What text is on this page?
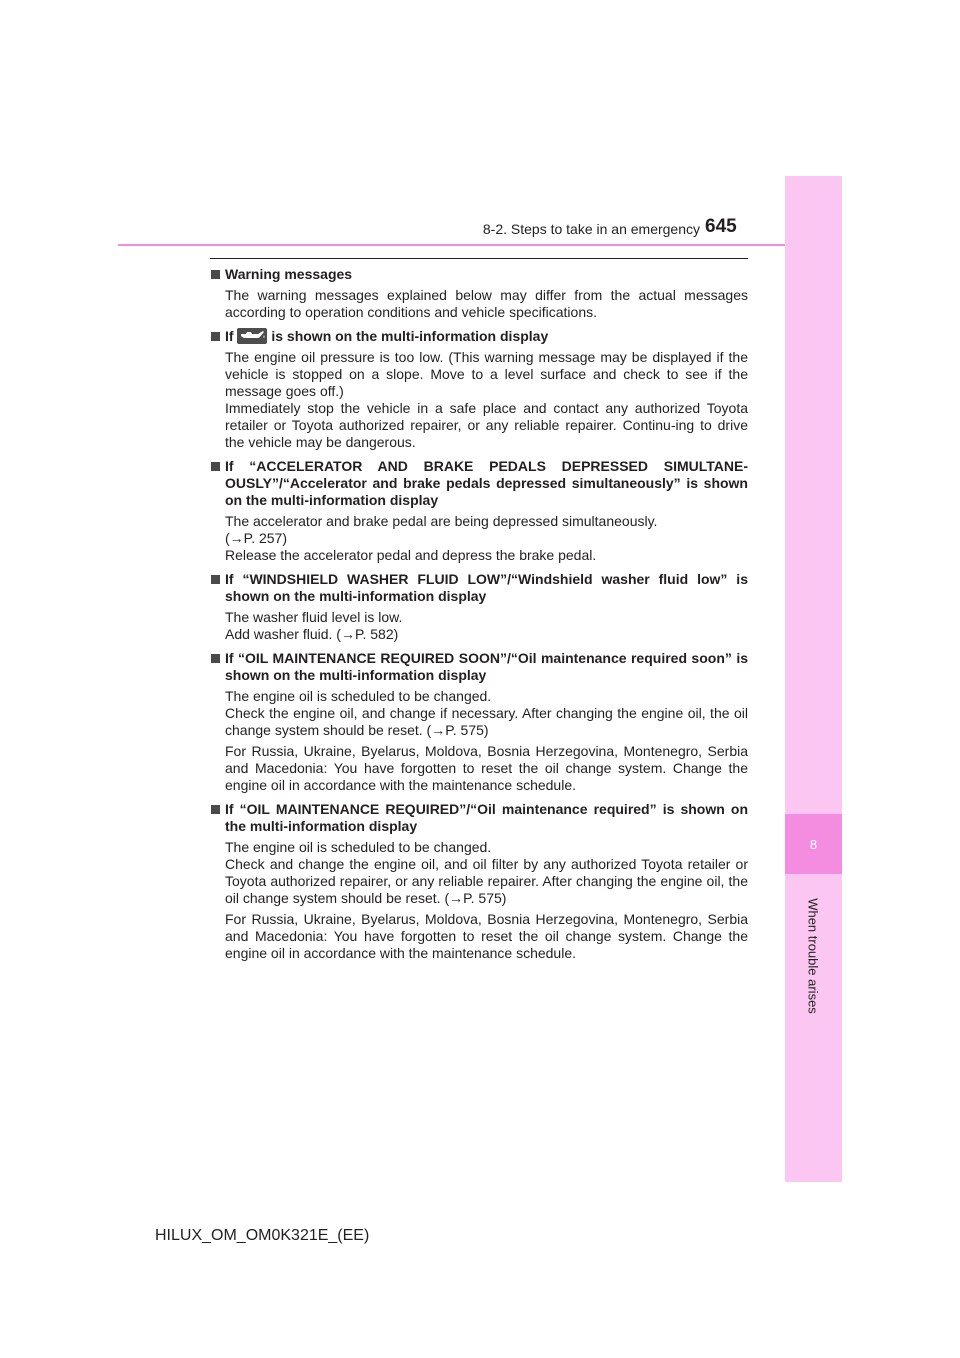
8
When trouble arises
8-2. Steps to take in an emergency 645
Warning messages

The warning messages explained below may differ from the actual messages according to operation conditions and vehicle specifications.

If
is shown on the multi-information display

The engine oil pressure is too low. (This warning message may be displayed if the vehicle is stopped on a slope. Move to a level surface and check to see if the message goes off.)
Immediately stop the vehicle in a safe place and contact any authorized Toyota retailer or Toyota authorized repairer, or any reliable repairer. Continu-ing to drive the vehicle may be dangerous.

If “ACCELERATOR AND BRAKE PEDALS DEPRESSED SIMULTANE-OUSLY”/“Accelerator and brake pedals depressed simultaneously” is shown on the multi-information display

The accelerator and brake pedal are being depressed simultaneously.
(→P. 257)
Release the accelerator pedal and depress the brake pedal.

If “WINDSHIELD WASHER FLUID LOW”/“Windshield washer fluid low” is shown on the multi-information display

The washer fluid level is low.
Add washer fluid. (→P. 582)

If “OIL MAINTENANCE REQUIRED SOON”/“Oil maintenance required soon” is shown on the multi-information display

The engine oil is scheduled to be changed.
Check the engine oil, and change if necessary. After changing the engine oil, the oil change system should be reset. (→P. 575)

For Russia, Ukraine, Byelarus, Moldova, Bosnia Herzegovina, Montenegro, Serbia and Macedonia: You have forgotten to reset the oil change system. Change the engine oil in accordance with the maintenance schedule.

If “OIL MAINTENANCE REQUIRED”/“Oil maintenance required” is shown on the multi-information display

The engine oil is scheduled to be changed.
Check and change the engine oil, and oil filter by any authorized Toyota retailer or Toyota authorized repairer, or any reliable repairer. After changing the engine oil, the oil change system should be reset. (→P. 575)

For Russia, Ukraine, Byelarus, Moldova, Bosnia Herzegovina, Montenegro, Serbia and Macedonia: You have forgotten to reset the oil change system. Change the engine oil in accordance with the maintenance schedule.

HILUX_OM_OM0K321E_(EE)
